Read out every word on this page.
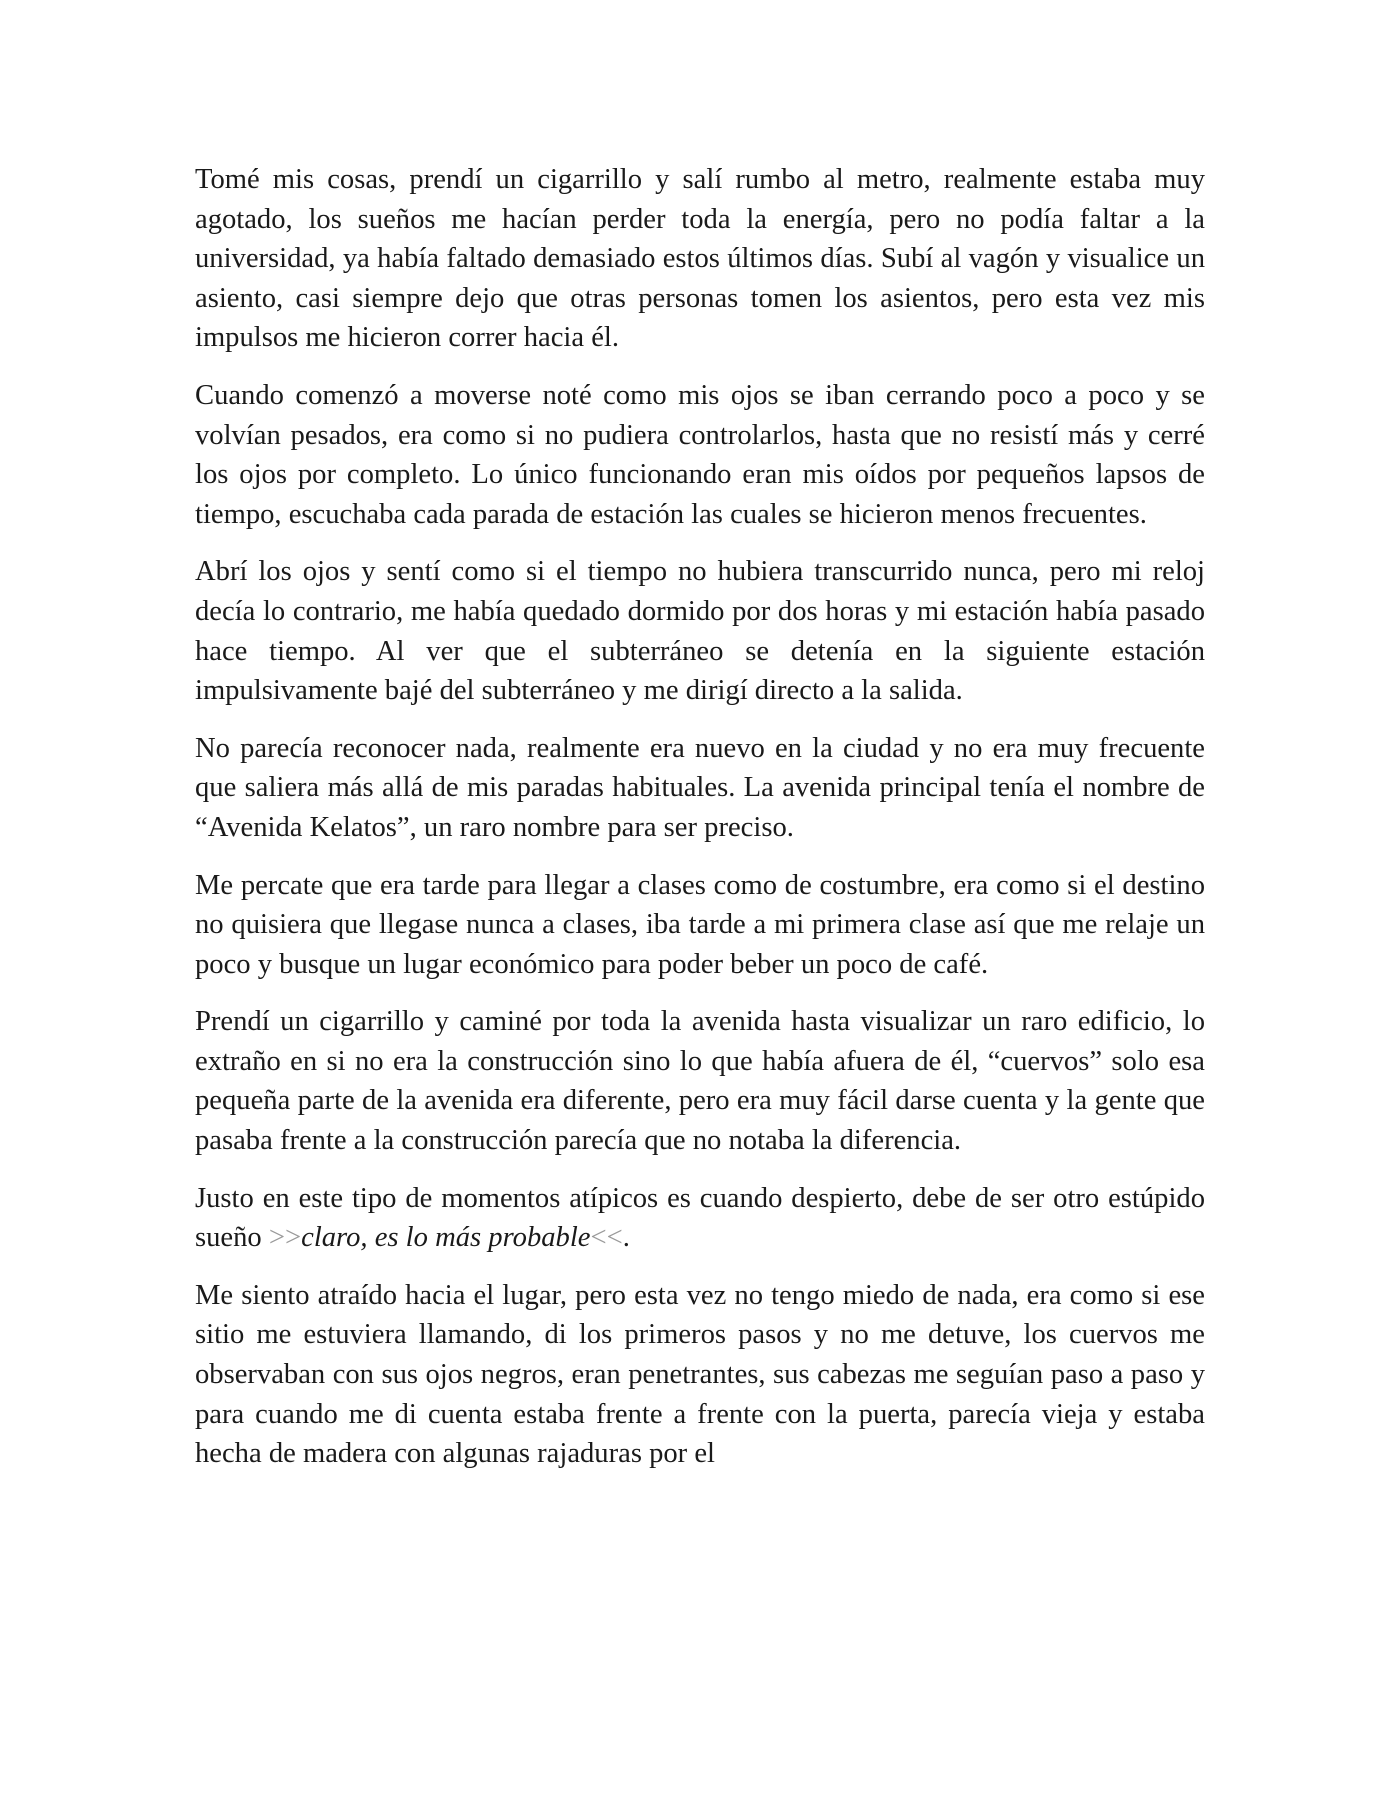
Tomé mis cosas, prendí un cigarrillo y salí rumbo al metro, realmente estaba muy agotado, los sueños me hacían perder toda la energía, pero no podía faltar a la universidad, ya había faltado demasiado estos últimos días. Subí al vagón y visualice un asiento, casi siempre dejo que otras personas tomen los asientos, pero esta vez mis impulsos me hicieron correr hacia él.

Cuando comenzó a moverse noté como mis ojos se iban cerrando poco a poco y se volvían pesados, era como si no pudiera controlarlos, hasta que no resistí más y cerré los ojos por completo. Lo único funcionando eran mis oídos por pequeños lapsos de tiempo, escuchaba cada parada de estación las cuales se hicieron menos frecuentes.

Abrí los ojos y sentí como si el tiempo no hubiera transcurrido nunca, pero mi reloj decía lo contrario, me había quedado dormido por dos horas y mi estación había pasado hace tiempo. Al ver que el subterráneo se detenía en la siguiente estación impulsivamente bajé del subterráneo y me dirigí directo a la salida.

No parecía reconocer nada, realmente era nuevo en la ciudad y no era muy frecuente que saliera más allá de mis paradas habituales. La avenida principal tenía el nombre de “Avenida Kelatos”, un raro nombre para ser preciso.

Me percate que era tarde para llegar a clases como de costumbre, era como si el destino no quisiera que llegase nunca a clases, iba tarde a mi primera clase así que me relaje un poco y busque un lugar económico para poder beber un poco de café.

Prendí un cigarrillo y caminé por toda la avenida hasta visualizar un raro edificio, lo extraño en si no era la construcción sino lo que había afuera de él, “cuervos” solo esa pequeña parte de la avenida era diferente, pero era muy fácil darse cuenta y la gente que pasaba frente a la construcción parecía que no notaba la diferencia.

Justo en este tipo de momentos atípicos es cuando despierto, debe de ser otro estúpido sueño >>claro, es lo más probable<<.

Me siento atraído hacia el lugar, pero esta vez no tengo miedo de nada, era como si ese sitio me estuviera llamando, di los primeros pasos y no me detuve, los cuervos me observaban con sus ojos negros, eran penetrantes, sus cabezas me seguían paso a paso y para cuando me di cuenta estaba frente a frente con la puerta, parecía vieja y estaba hecha de madera con algunas rajaduras por el
